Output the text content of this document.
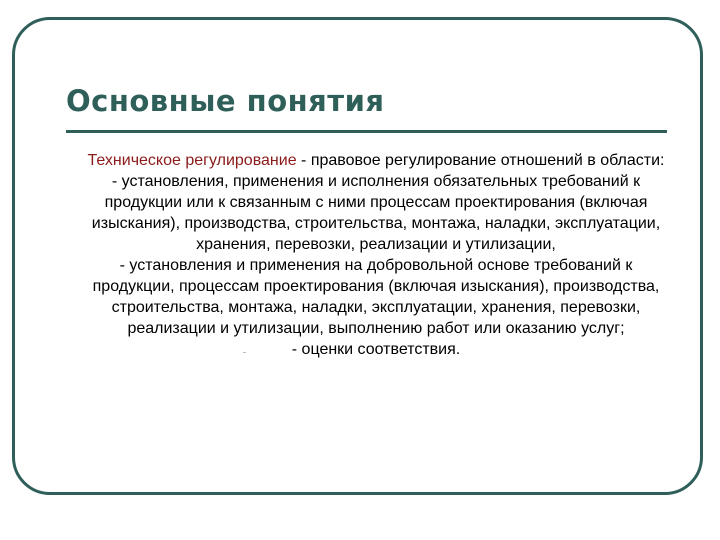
Основные понятия

Техническое регулирование - правовое регулирование отношений в области:

- установления, применения и исполнения обязательных требований к продукции или к связанным с ними процессам проектирования (включая изыскания), производства, строительства, монтажа, наладки, эксплуатации, хранения, перевозки, реализации и утилизации,

- установления и применения на добровольной основе требований к продукции, процессам проектирования (включая изыскания), производства, строительства, монтажа, наладки, эксплуатации, хранения, перевозки, реализации и утилизации, выполнению работ или оказанию услуг;

- оценки соответствия.
